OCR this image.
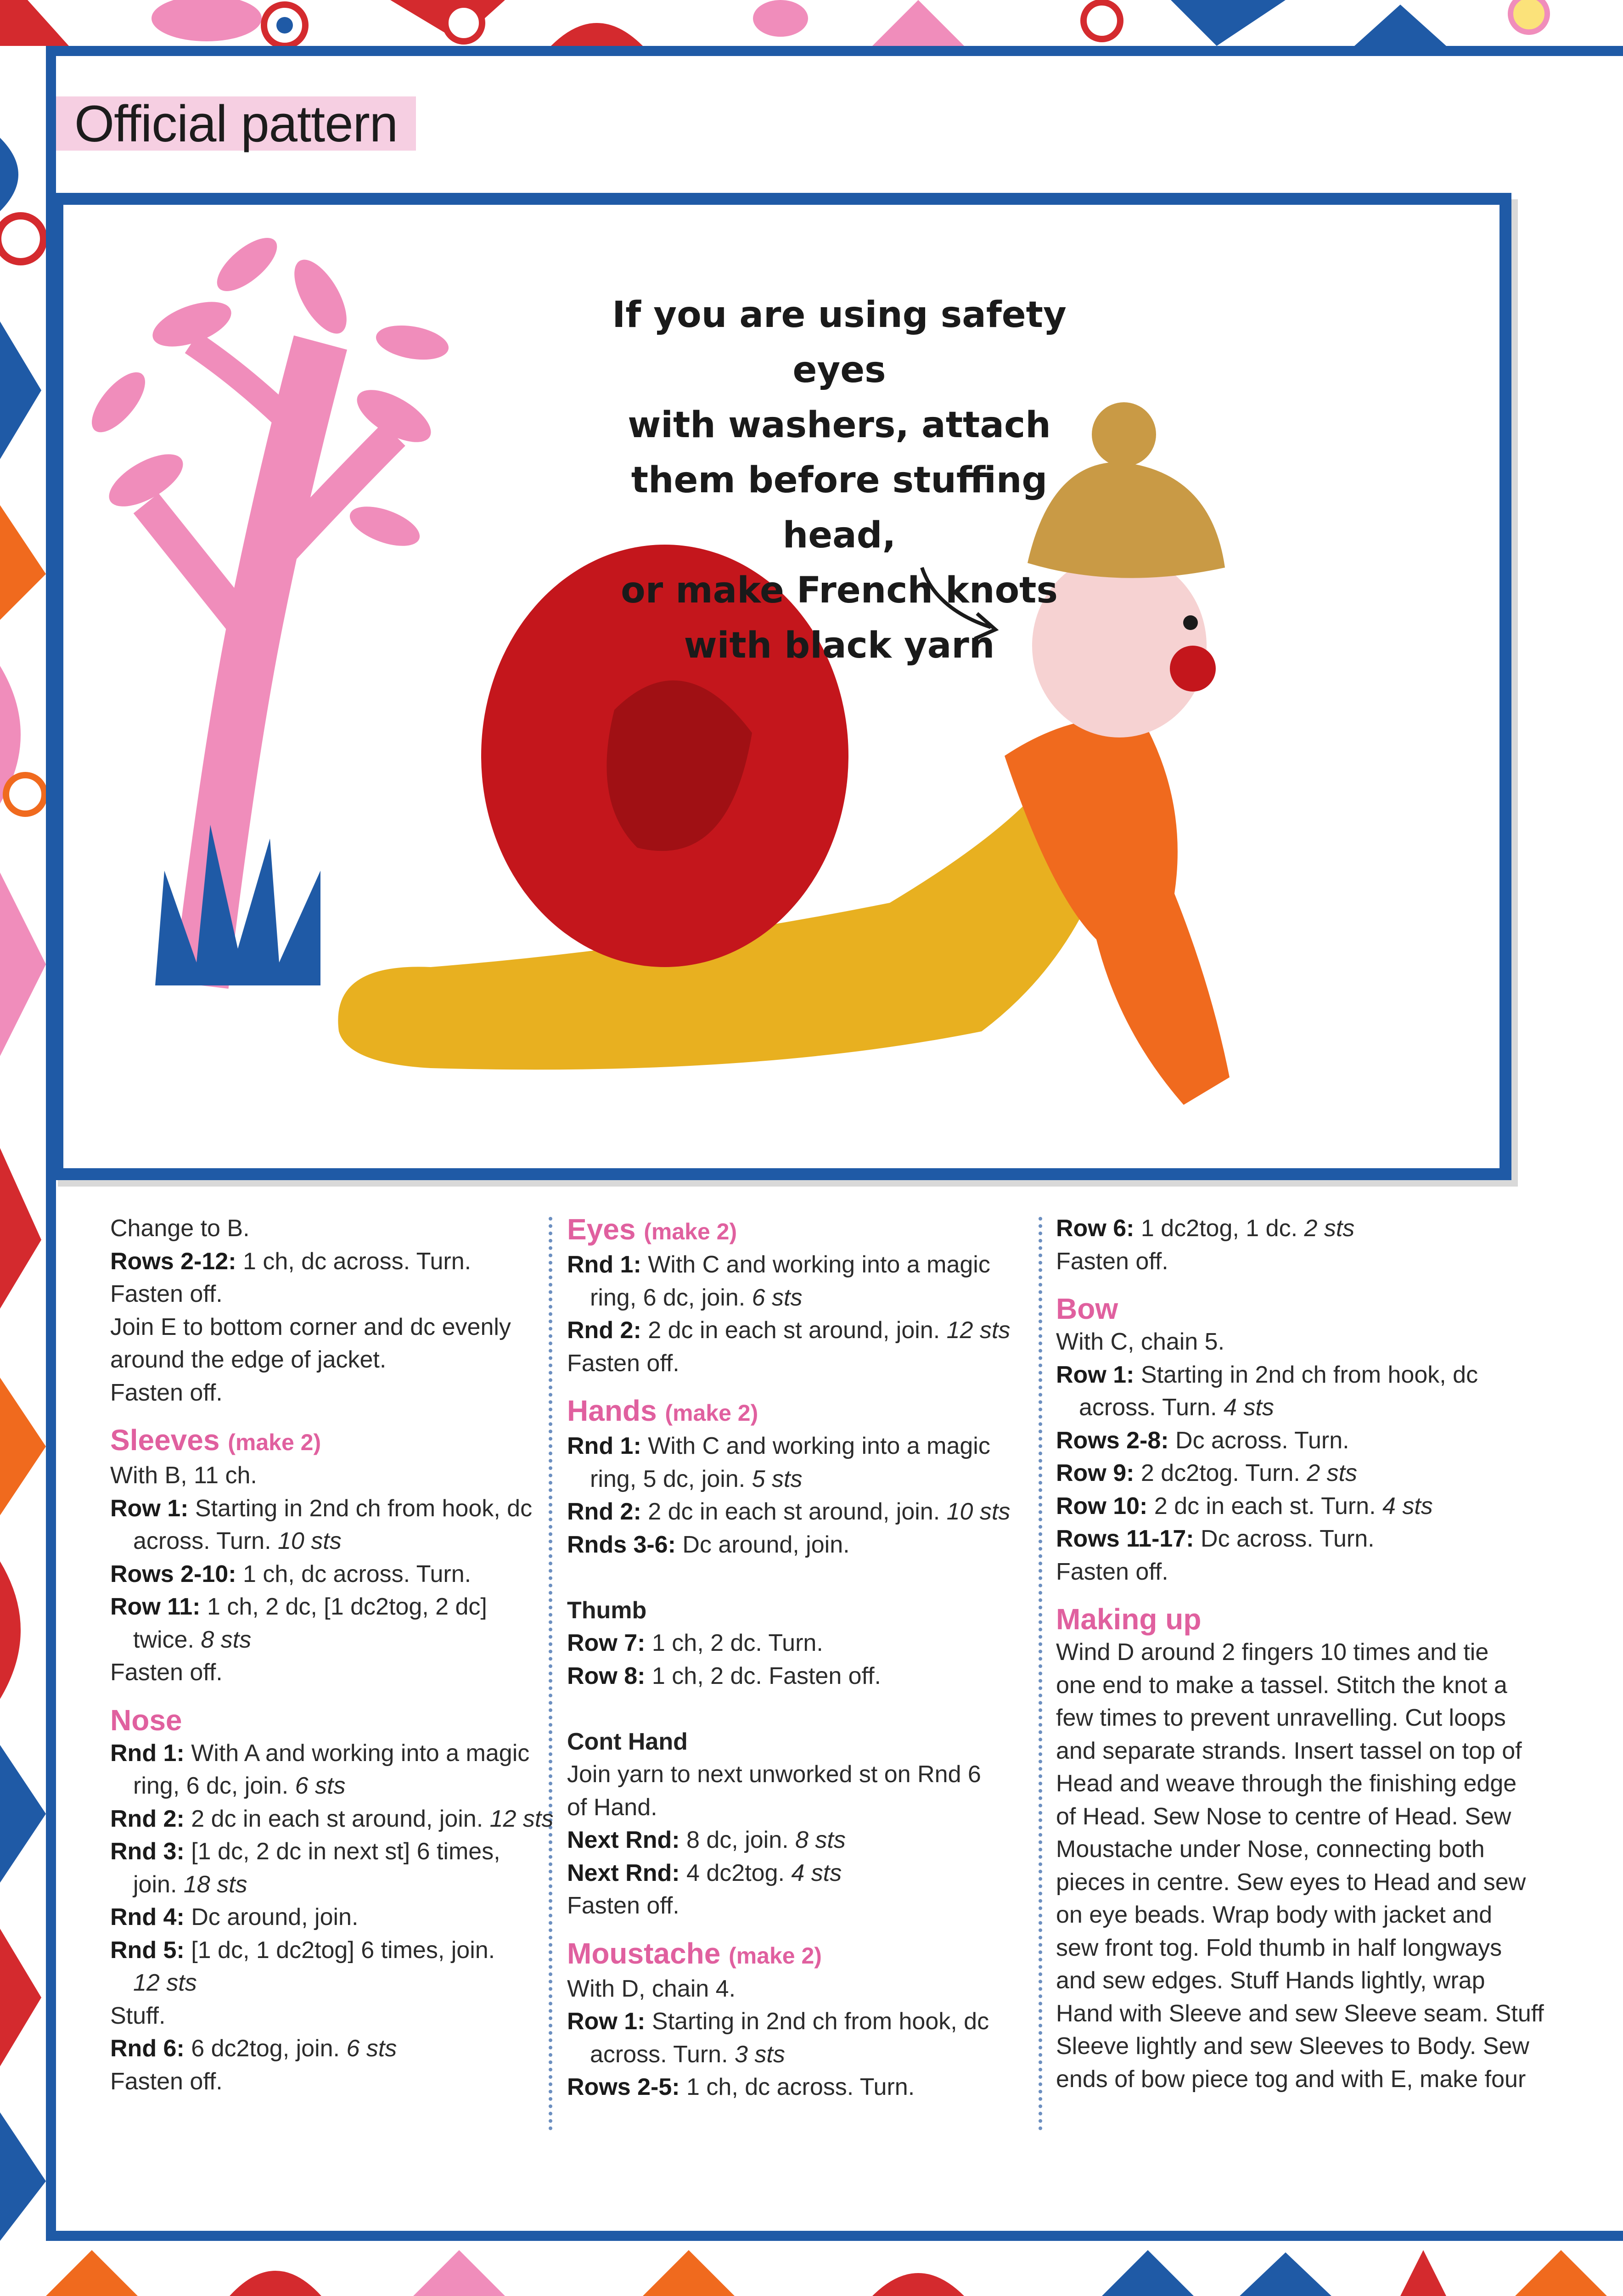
Official pattern
If you are using safety eyes
with washers, attach
them before stuffing head,
or make French knots
with black yarn
Change to B.
Rows 2-12: 1 ch, dc across. Turn.
Fasten off.
Join E to bottom corner and dc evenly
around the edge of jacket.
Fasten off.
Sleeves (make 2)
With B, 11 ch.
Row 1: Starting in 2nd ch from hook, dc
across. Turn. 10 sts
Rows 2-10: 1 ch, dc across. Turn.
Row 11: 1 ch, 2 dc, [1 dc2tog, 2 dc]
twice. 8 sts
Fasten off.
Nose
Rnd 1: With A and working into a magic
ring, 6 dc, join. 6 sts
Rnd 2: 2 dc in each st around, join. 12 sts
Rnd 3: [1 dc, 2 dc in next st] 6 times,
join. 18 sts
Rnd 4: Dc around, join.
Rnd 5: [1 dc, 1 dc2tog] 6 times, join.
12 sts
Stuff.
Rnd 6: 6 dc2tog, join. 6 sts
Fasten off.
Eyes (make 2)
Rnd 1: With C and working into a magic
ring, 6 dc, join. 6 sts
Rnd 2: 2 dc in each st around, join. 12 sts
Fasten off.
Hands (make 2)
Rnd 1: With C and working into a magic
ring, 5 dc, join. 5 sts
Rnd 2: 2 dc in each st around, join. 10 sts
Rnds 3-6: Dc around, join.
Thumb
Row 7: 1 ch, 2 dc. Turn.
Row 8: 1 ch, 2 dc. Fasten off.
Cont Hand
Join yarn to next unworked st on Rnd 6
of Hand.
Next Rnd: 8 dc, join. 8 sts
Next Rnd: 4 dc2tog. 4 sts
Fasten off.
Moustache (make 2)
With D, chain 4.
Row 1: Starting in 2nd ch from hook, dc
across. Turn. 3 sts
Rows 2-5: 1 ch, dc across. Turn.
Row 6: 1 dc2tog, 1 dc. 2 sts
Fasten off.
Bow
With C, chain 5.
Row 1: Starting in 2nd ch from hook, dc
across. Turn. 4 sts
Rows 2-8: Dc across. Turn.
Row 9: 2 dc2tog. Turn. 2 sts
Row 10: 2 dc in each st. Turn. 4 sts
Rows 11-17: Dc across. Turn.
Fasten off.
Making up
Wind D around 2 fingers 10 times and tie
one end to make a tassel. Stitch the knot a
few times to prevent unravelling. Cut loops
and separate strands. Insert tassel on top of
Head and weave through the finishing edge
of Head. Sew Nose to centre of Head. Sew
Moustache under Nose, connecting both
pieces in centre. Sew eyes to Head and sew
on eye beads. Wrap body with jacket and
sew front tog. Fold thumb in half longways
and sew edges. Stuff Hands lightly, wrap
Hand with Sleeve and sew Sleeve seam. Stuff
Sleeve lightly and sew Sleeves to Body. Sew
ends of bow piece tog and with E, make four
